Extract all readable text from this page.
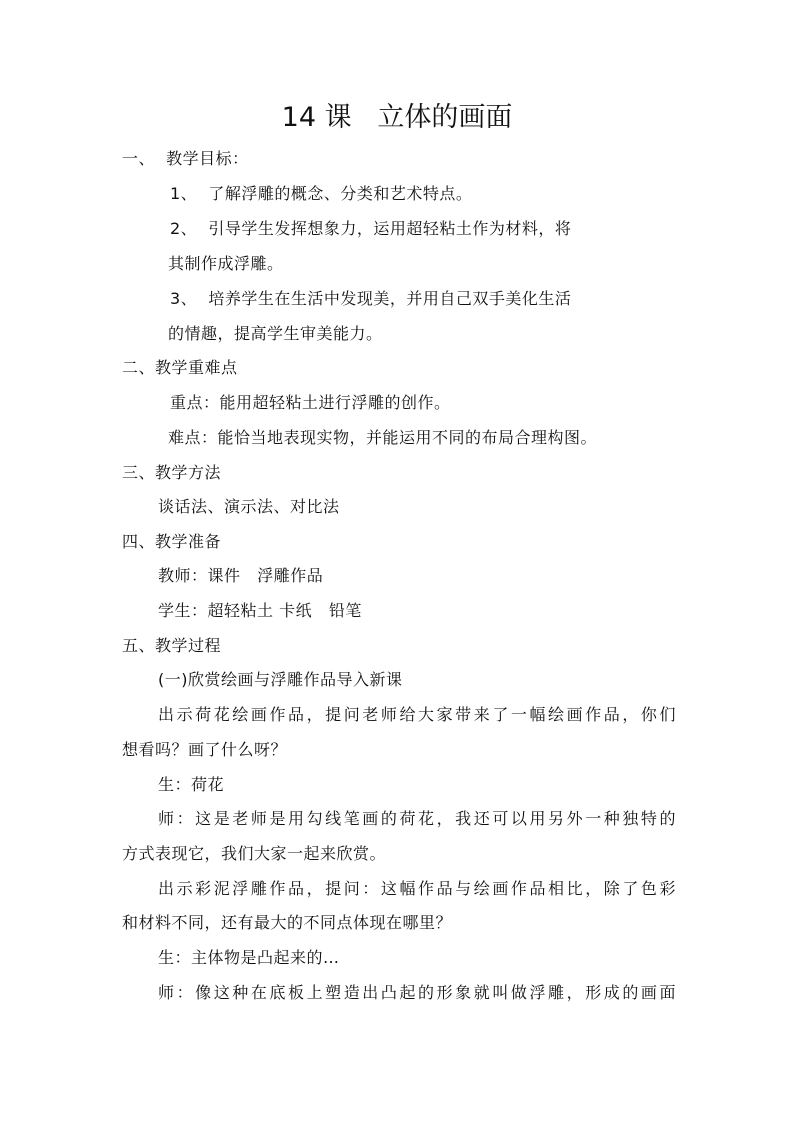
14 课   立体的画面
一、  教学目标：
1、  了解浮雕的概念、分类和艺术特点。
2、  引导学生发挥想象力，运用超轻粘土作为材料，将
其制作成浮雕。
3、  培养学生在生活中发现美，并用自己双手美化生活
的情趣，提高学生审美能力。
二、教学重难点
重点：能用超轻粘土进行浮雕的创作。
难点：能恰当地表现实物，并能运用不同的布局合理构图。
三、教学方法
谈话法、演示法、对比法
四、教学准备
教师：课件   浮雕作品
学生：超轻粘土 卡纸   铅笔
五、教学过程
(一)欣赏绘画与浮雕作品导入新课
出示荷花绘画作品，提问老师给大家带来了一幅绘画作品，你们
想看吗？画了什么呀？
生：荷花
师：这是老师是用勾线笔画的荷花，我还可以用另外一种独特的
方式表现它，我们大家一起来欣赏。
出示彩泥浮雕作品，提问：这幅作品与绘画作品相比，除了色彩
和材料不同，还有最大的不同点体现在哪里？
生：主体物是凸起来的…
师：像这种在底板上塑造出凸起的形象就叫做浮雕，形成的画面
